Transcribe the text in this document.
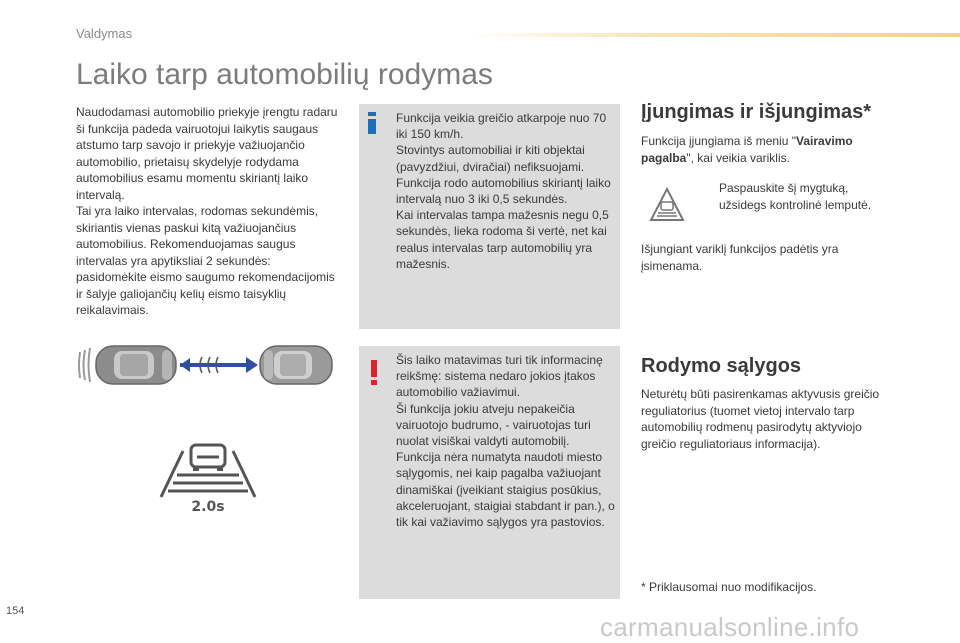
Valdymas
Laiko tarp automobilių rodymas
Naudodamasi automobilio priekyje įrengtu radaru ši funkcija padeda vairuotojui laikytis saugaus atstumo tarp savojo ir priekyje važiuojančio automobilio, prietaisų skydelyje rodydama automobilius esamu momentu skiriantį laiko intervalą.
Tai yra laiko intervalas, rodomas sekundėmis, skiriantis vienas paskui kitą važiuojančius automobilius. Rekomenduojamas saugus intervalas yra apytiksliai 2 sekundės: pasidomėkite eismo saugumo rekomendacijomis ir šalyje galiojančių kelių eismo taisyklių reikalavimais.
Funkcija veikia greičio atkarpoje nuo 70 iki 150 km/h.
Stovintys automobiliai ir kiti objektai (pavyzdžiui, dviračiai) nefiksuojami.
Funkcija rodo automobilius skiriantį laiko intervalą nuo 3 iki 0,5 sekundės.
Kai intervalas tampa mažesnis negu 0,5 sekundės, lieka rodoma ši vertė, net kai realus intervalas tarp automobilių yra mažesnis.
Šis laiko matavimas turi tik informacinę reikšmę: sistema nedaro jokios įtakos automobilio važiavimui.
Ši funkcija jokiu atveju nepakeičia vairuotojo budrumo, - vairuotojas turi nuolat visiškai valdyti automobilį.
Funkcija nėra numatyta naudoti miesto sąlygomis, nei kaip pagalba važiuojant dinamiškai (įveikiant staigius posūkius, akceleruojant, staigiai stabdant ir pan.), o tik kai važiavimo sąlygos yra pastovios.
2.0s
Įjungimas ir išjungimas*
Funkcija įjungiama iš meniu "Vairavimo pagalba", kai veikia variklis.
Paspauskite šį mygtuką, užsidegs kontrolinė lemputė.
Išjungiant variklį funkcijos padėtis yra įsimenama.
Rodymo sąlygos
Neturėtų būti pasirenkamas aktyvusis greičio reguliatorius (tuomet vietoj intervalo tarp automobilių rodmenų pasirodytų aktyviojo greičio reguliatoriaus informacija).
* Priklausomai nuo modifikacijos.
154
carmanualsonline.info
